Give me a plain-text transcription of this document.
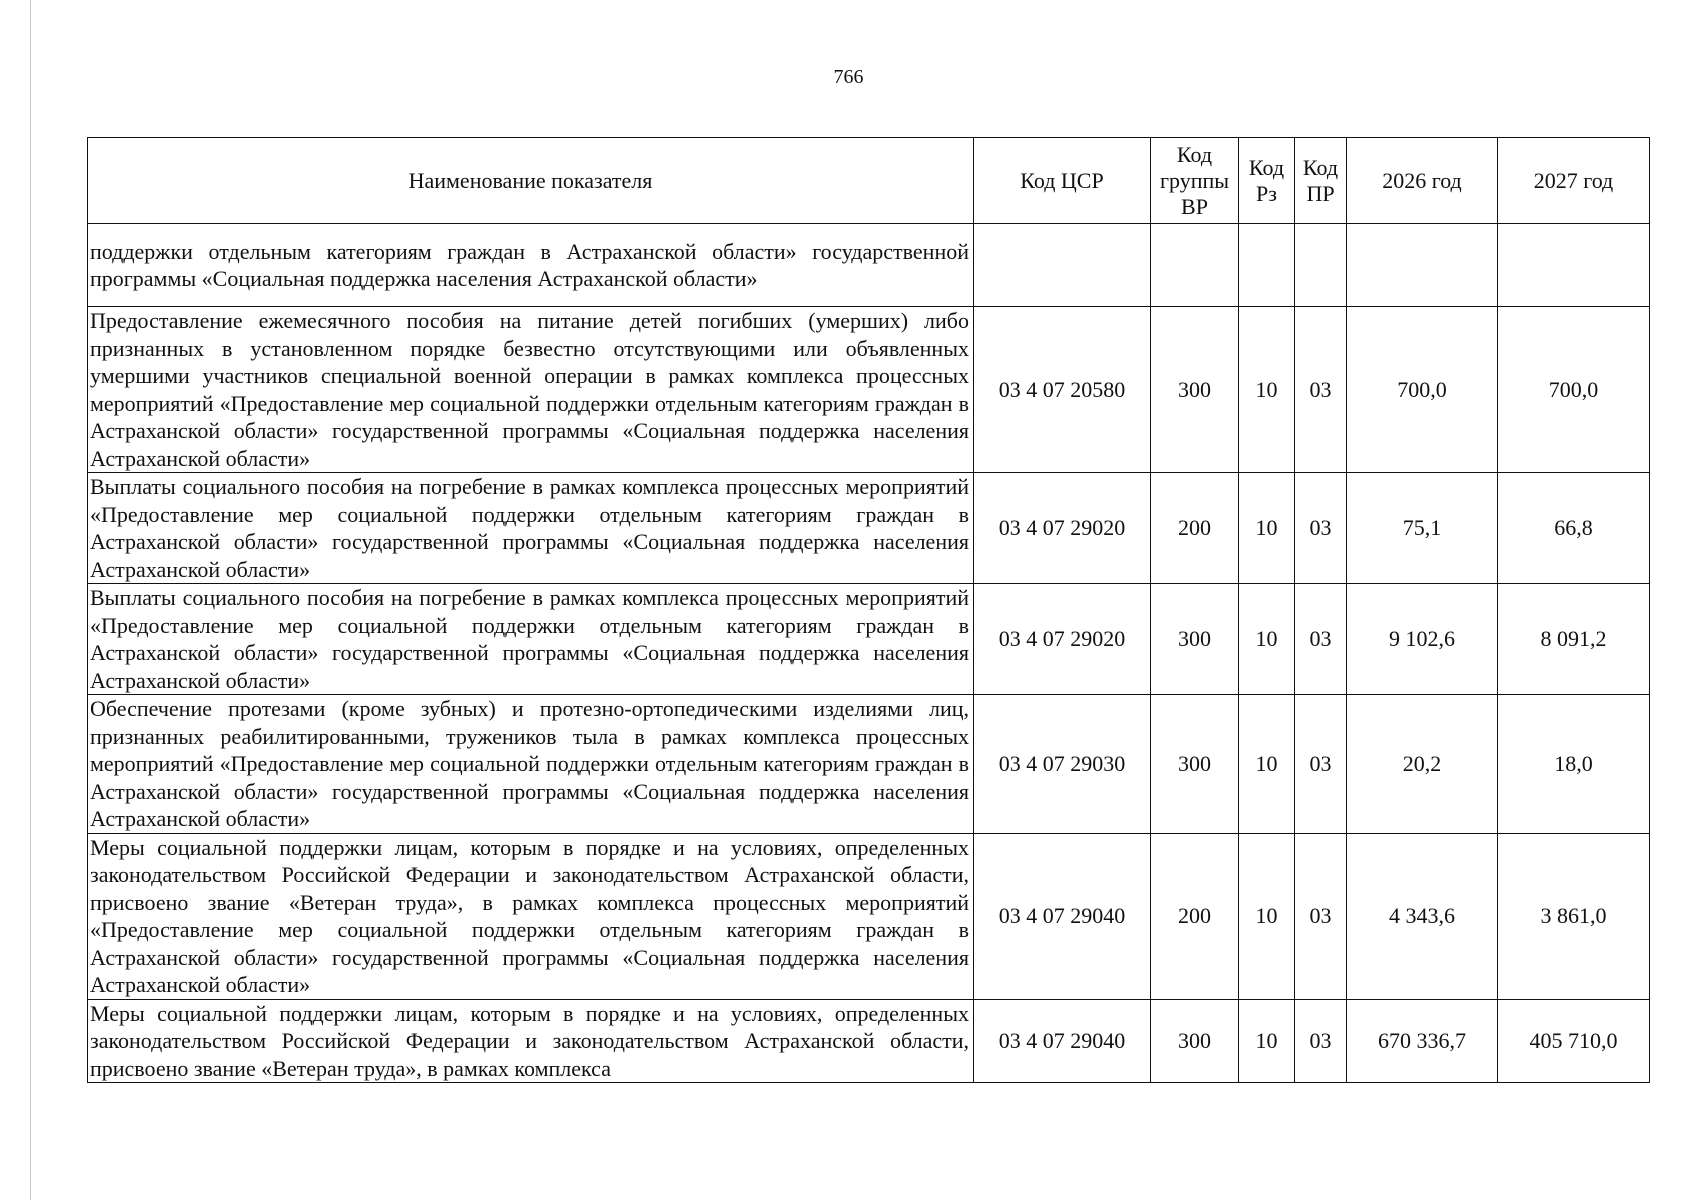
766
Наименование показателя	Код ЦСР	Код группы ВР	Код Рз	Код ПР	2026 год	2027 год
поддержки отдельным категориям граждан в Астраханской области» государственной программы «Социальная поддержка населения Астраханской области»						
Предоставление ежемесячного пособия на питание детей погибших (умерших) либо признанных в установленном порядке безвестно отсутствующими или объявленных умершими участников специальной военной операции в рамках комплекса процессных мероприятий «Предоставление мер социальной поддержки отдельным категориям граждан в Астраханской области» государственной программы «Социальная поддержка населения Астраханской области»	03 4 07 20580	300	10	03	700,0	700,0
Выплаты социального пособия на погребение в рамках комплекса процессных мероприятий «Предоставление мер социальной поддержки отдельным категориям граждан в Астраханской области» государственной программы «Социальная поддержка населения Астраханской области»	03 4 07 29020	200	10	03	75,1	66,8
Выплаты социального пособия на погребение в рамках комплекса процессных мероприятий «Предоставление мер социальной поддержки отдельным категориям граждан в Астраханской области» государственной программы «Социальная поддержка населения Астраханской области»	03 4 07 29020	300	10	03	9 102,6	8 091,2
Обеспечение протезами (кроме зубных) и протезно-ортопедическими изделиями лиц, признанных реабилитированными, тружеников тыла в рамках комплекса процессных мероприятий «Предоставление мер социальной поддержки отдельным категориям граждан в Астраханской области» государственной программы «Социальная поддержка населения Астраханской области»	03 4 07 29030	300	10	03	20,2	18,0
Меры социальной поддержки лицам, которым в порядке и на условиях, определенных законодательством Российской Федерации и законодательством Астраханской области, присвоено звание «Ветеран труда», в рамках комплекса процессных мероприятий «Предоставление мер социальной поддержки отдельным категориям граждан в Астраханской области» государственной программы «Социальная поддержка населения Астраханской области»	03 4 07 29040	200	10	03	4 343,6	3 861,0
Меры социальной поддержки лицам, которым в порядке и на условиях, определенных законодательством Российской Федерации и законодательством Астраханской области, присвоено звание «Ветеран труда», в рамках комплекса	03 4 07 29040	300	10	03	670 336,7	405 710,0
